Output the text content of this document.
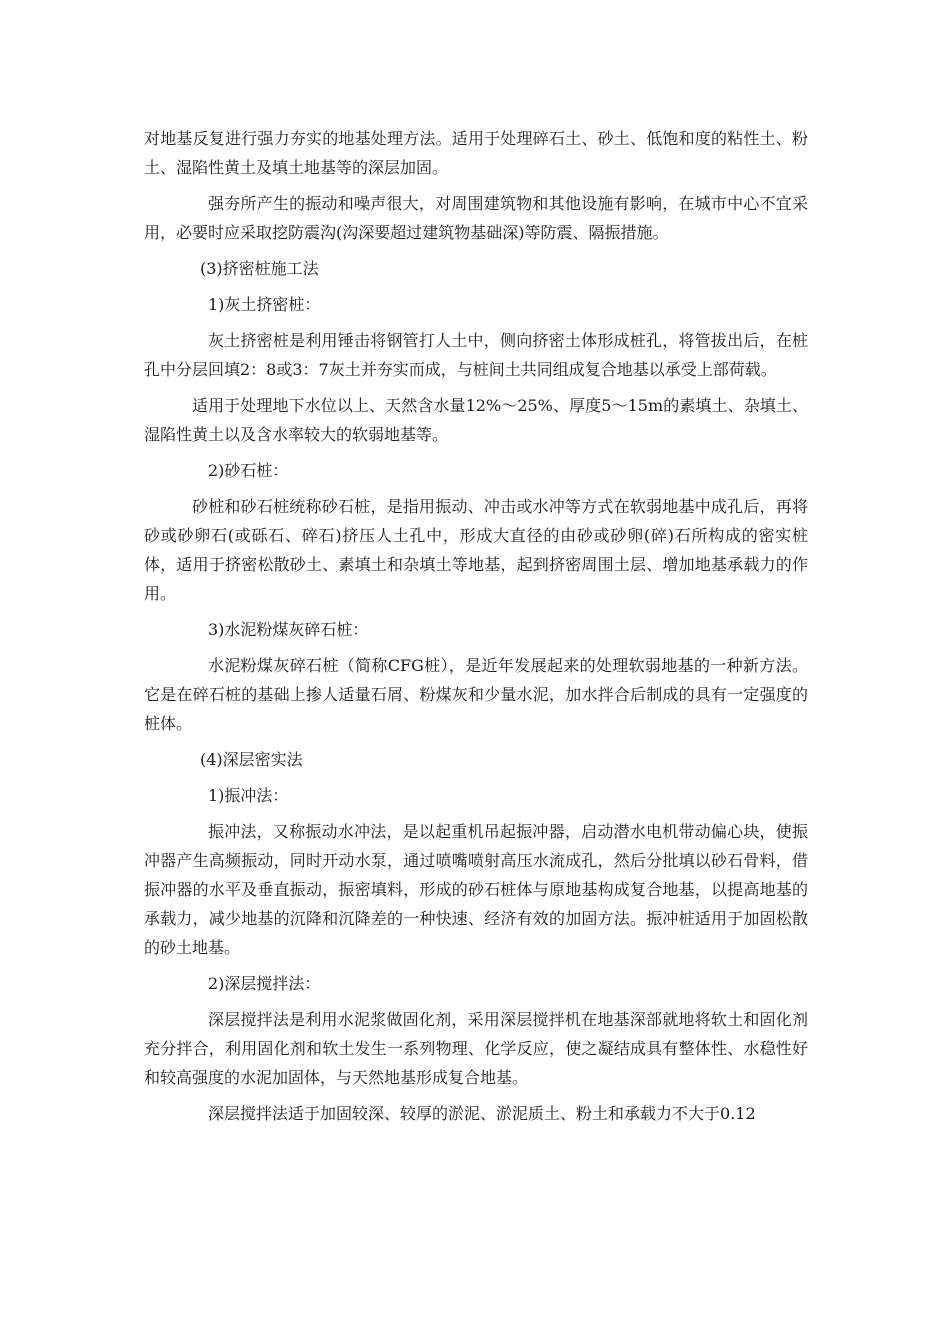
对地基反复进行强力夯实的地基处理方法。适用于处理碎石土、砂土、低饱和度的粘性土、粉土、湿陷性黄土及填土地基等的深层加固。

强夯所产生的振动和噪声很大，对周围建筑物和其他设施有影响，在城市中心不宜采用，必要时应采取挖防震沟(沟深要超过建筑物基础深)等防震、隔振措施。

(3)挤密桩施工法

1)灰土挤密桩：

灰土挤密桩是利用锤击将钢管打人土中，侧向挤密土体形成桩孔，将管拔出后，在桩孔中分层回填2：8或3：7灰土并夯实而成，与桩间土共同组成复合地基以承受上部荷载。

适用于处理地下水位以上、天然含水量12%～25%、厚度5～15m的素填土、杂填土、湿陷性黄土以及含水率较大的软弱地基等。

2)砂石桩：

砂桩和砂石桩统称砂石桩，是指用振动、冲击或水冲等方式在软弱地基中成孔后，再将砂或砂卵石(或砾石、碎石)挤压人土孔中，形成大直径的由砂或砂卵(碎)石所构成的密实桩体，适用于挤密松散砂土、素填土和杂填土等地基，起到挤密周围土层、增加地基承载力的作用。

3)水泥粉煤灰碎石桩：

水泥粉煤灰碎石桩（简称CFG桩），是近年发展起来的处理软弱地基的一种新方法。它是在碎石桩的基础上掺人适量石屑、粉煤灰和少量水泥，加水拌合后制成的具有一定强度的桩体。

(4)深层密实法

1)振冲法：

振冲法，又称振动水冲法，是以起重机吊起振冲器，启动潜水电机带动偏心块，使振冲器产生高频振动，同时开动水泵，通过喷嘴喷射高压水流成孔，然后分批填以砂石骨料，借振冲器的水平及垂直振动，振密填料，形成的砂石桩体与原地基构成复合地基，以提高地基的承载力，减少地基的沉降和沉降差的一种快速、经济有效的加固方法。振冲桩适用于加固松散的砂土地基。

2)深层搅拌法：

深层搅拌法是利用水泥浆做固化剂，采用深层搅拌机在地基深部就地将软土和固化剂充分拌合，利用固化剂和软土发生一系列物理、化学反应，使之凝结成具有整体性、水稳性好和较高强度的水泥加固体，与天然地基形成复合地基。

深层搅拌法适于加固较深、较厚的淤泥、淤泥质土、粉土和承载力不大于0.12
